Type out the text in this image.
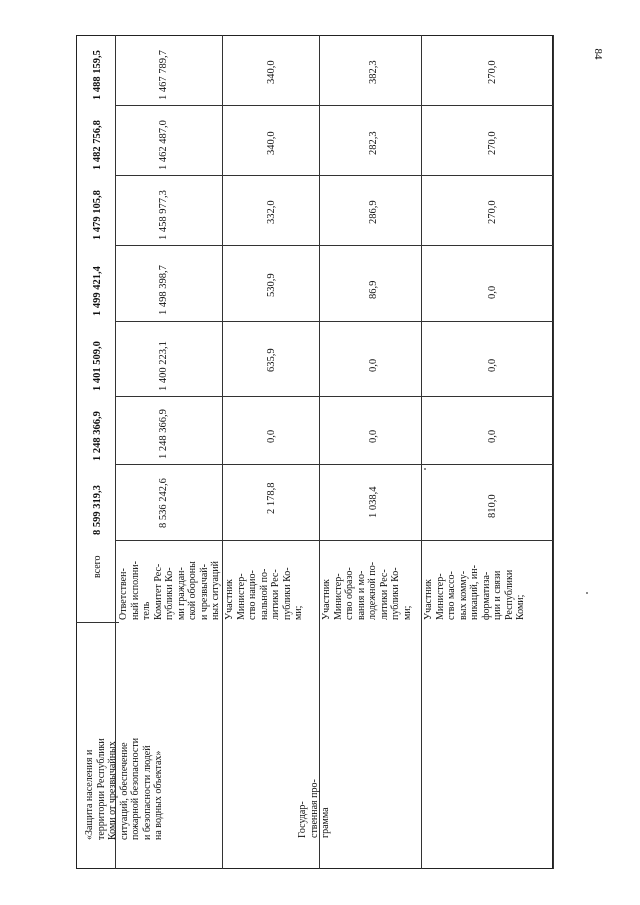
84
Государ-
ственная про-
грамма
«Защита населения и
территории Республики
Коми от чрезвычайных
ситуаций, обеспечение
пожарной безопасности
и безопасности людей
на водных объектах»
всего
Ответствен-
ный исполни-
тель
Комитет Рес-
публики Ко-
ми граждан-
ской обороны
и чрезвычай-
ных ситуаций Участник
Министер-
ство нацио-
нальной по-
литики Рес-
публики Ко-
ми; Участник
Министер-
ство образо-
вания и мо-
лодежной по-
литики Рес-
публики Ко-
ми; Участник
Министер-
ство массо-
вых комму-
никаций, ин-
форматиза-
ции и связи
Республики
Коми;
8 599 319,3
1 248 366,9
1 401 509,0
1 499 421,4
1 479 105,8
1 482 756,8
1 488 159,5
8 536 242,6
1 248 366,9
1 400 223,1
1 498 398,7
1 458 977,3
1 462 487,0
1 467 789,7
2 178,8
0,0
635,9
530,9
332,0
340,0
340,0
1 038,4
0,0
0,0
86,9
286,9
282,3
382,3
810,0
0,0
0,0
0,0
270,0
270,0
270,0
